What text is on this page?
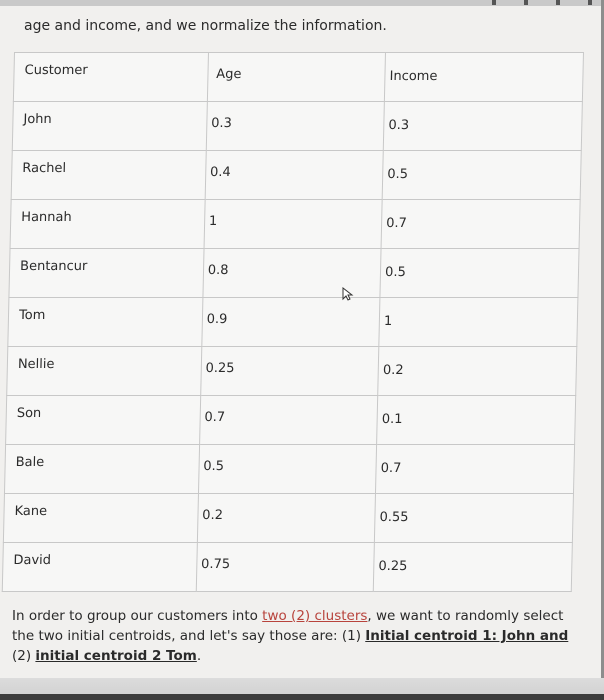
age and income, and we normalize the information.
Customer	Age	Income

John	0.3	0.3

Rachel	0.4	0.5

Hannah	1	0.7

Bentancur	0.8	0.5

Tom	0.9	1

Nellie	0.25	0.2

Son	0.7	0.1

Bale	0.5	0.7

Kane	0.2	0.55

David	0.75	0.25
In order to group our customers into two (2) clusters, we want to randomly select the two initial centroids, and let's say those are: (1) Initial centroid 1: John and (2) initial centroid 2 Tom.
